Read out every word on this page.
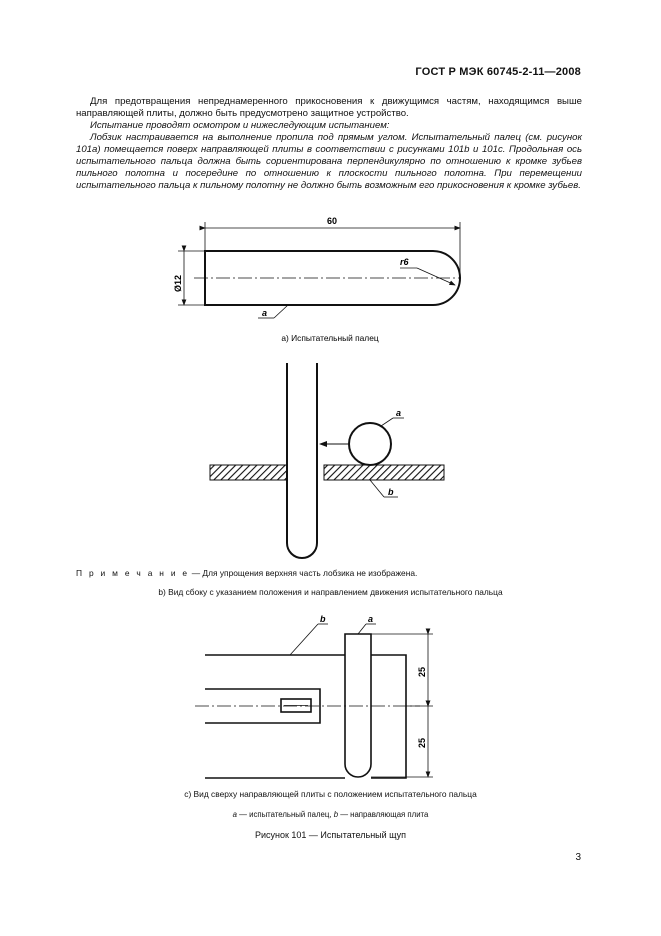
ГОСТ Р МЭК 60745-2-11—2008
Для предотвращения непреднамеренного прикосновения к движущимся частям, находящимся выше направляющей плиты, должно быть предусмотрено защитное устройство.
Испытание проводят осмотром и нижеследующим испытанием:
Лобзик настраивается на выполнение пропила под прямым углом. Испытательный палец (см. рисунок 101a) помещается поверх направляющей плиты в соответствии с рисунками 101b и 101c. Продольная ось испытательного пальца должна быть сориентирована перпендикулярно по отношению к кромке зубьев пильного полотна и посередине по отношению к плоскости пильного полотна. При перемещении испытательного пальца к пильному полотну не должно быть возможным его прикосновения к кромке зубьев.
60
Ø12
r6
a
a) Испытательный палец
a
b
25
25
b	a
П р и м е ч а н и е — Для упрощения верхняя часть лобзика не изображена.
b) Вид сбоку с указанием положения и направлением движения испытательного пальца
c) Вид сверху направляющей плиты с положением испытательного пальца
a — испытательный палец, b — направляющая плита
Рисунок 101 — Испытательный щуп
3
